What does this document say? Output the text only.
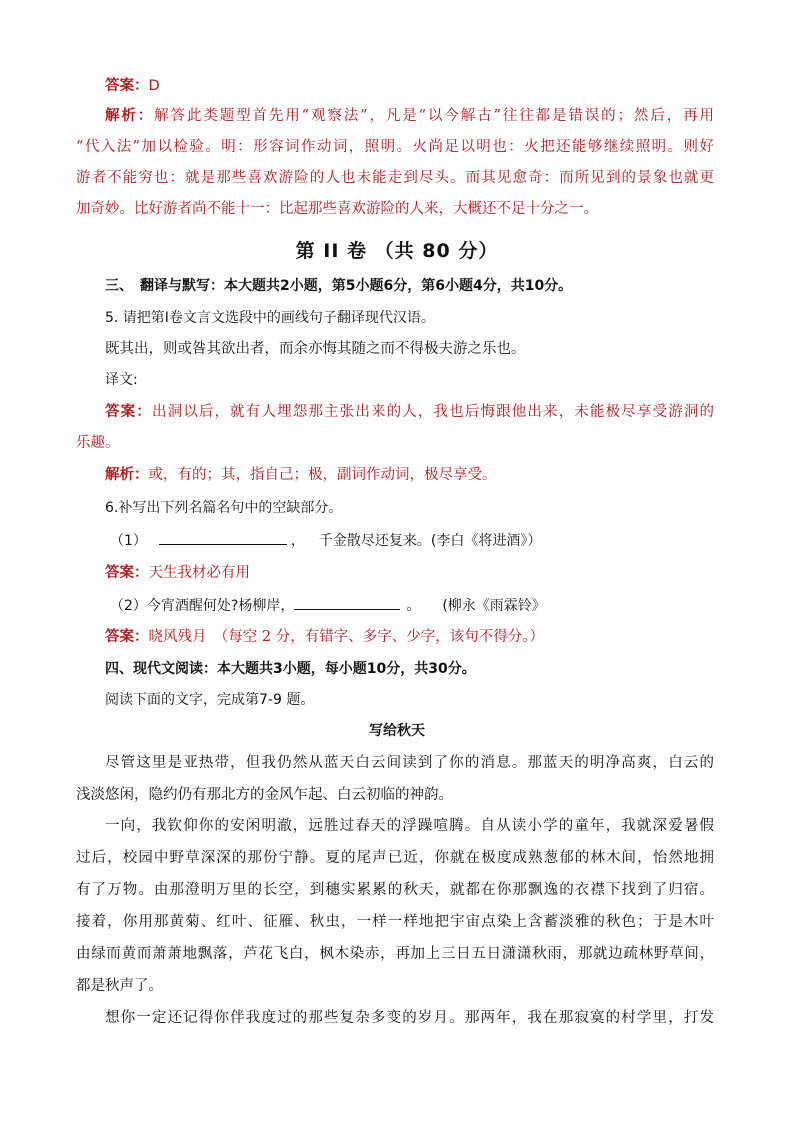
答案：D
解析：解答此类题型首先用“观察法”，凡是“以今解古”往往都是错误的；然后，再用
“代入法”加以检验。明：形容词作动词，照明。火尚足以明也：火把还能够继续照明。则好
游者不能穷也：就是那些喜欢游险的人也未能走到尽头。而其见愈奇：而所见到的景象也就更
加奇妙。比好游者尚不能十一：比起那些喜欢游险的人来，大概还不足十分之一。
第 II 卷 （共 80 分）
三、　翻译与默写：本大题共2小题，第5小题6分，第6小题4分，共10分。
5. 请把第Ⅰ卷文言文选段中的画线句子翻译现代汉语。
既其出，则或咎其欲出者，而余亦悔其随之而不得极夫游之乐也。
译文:
答案：出洞以后，就有人埋怨那主张出来的人，我也后悔跟他出来，未能极尽享受游洞的
乐趣。
解析：或，有的；其，指自己；极，副词作动词，极尽享受。
6.补写出下列名篇名句中的空缺部分。
（1）	， 千金散尽还复来。(李白《将进酒》）
答案：天生我材必有用
（2）今宵酒醒何处?杨柳岸，	。 (柳永《雨霖铃》
答案：晓风残月　（每空 2 分，有错字、多字、少字，该句不得分。）
四、现代文阅读：本大题共3小题，每小题10分，共30分。
阅读下面的文字，完成第7-9 题。
写给秋天
尽管这里是亚热带，但我仍然从蓝天白云间读到了你的消息。那蓝天的明净高爽，白云的
浅淡悠闲，隐约仍有那北方的金风乍起、白云初临的神韵。
一向，我钦仰你的安闲明澈，远胜过春天的浮躁喧腾。自从读小学的童年，我就深爱暑假
过后，校园中野草深深的那份宁静。夏的尾声已近，你就在极度成熟葱郁的林木间，怡然地拥
有了万物。由那澄明万里的长空，到穗实累累的秋天，就都在你那飘逸的衣襟下找到了归宿。
接着，你用那黄菊、红叶、征雁、秋虫，一样一样地把宇宙点染上含蓄淡雅的秋色；于是木叶
由绿而黄而萧萧地飘落，芦花飞白，枫木染赤，再加上三日五日潇潇秋雨，那就边疏林野草间，
都是秋声了。
想你一定还记得你伴我度过的那些复杂多变的岁月。那两年，我在那寂寞的村学里，打发
